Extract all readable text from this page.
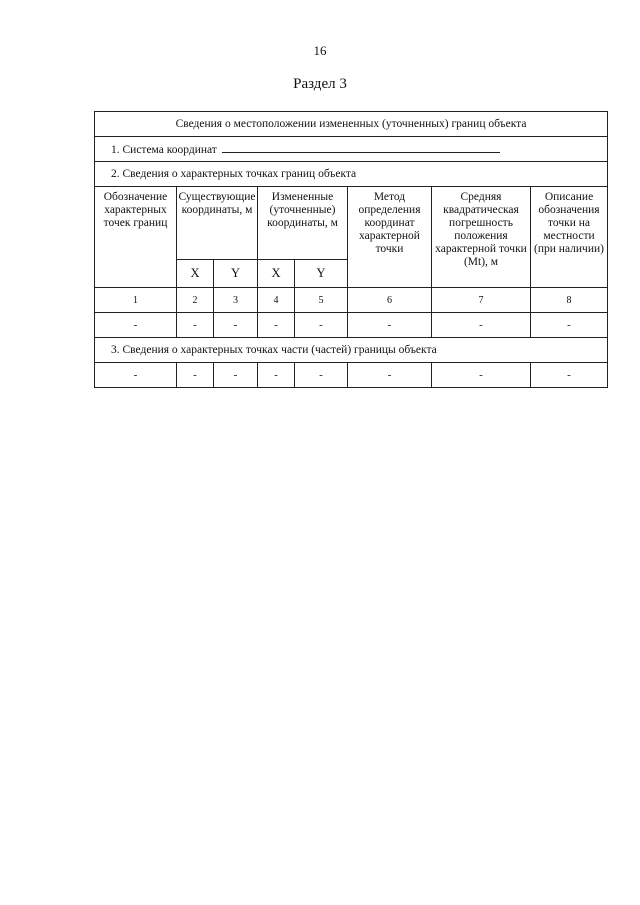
16
Раздел 3
Сведения о местоположении измененных (уточненных) границ объекта							
1. Система координат							
2. Сведения о характерных точках границ объекта							
Обозначение характерных точек границ	Существующие координаты, м		Измененные (уточненные) координаты, м		Метод определения координат характерной точки	Средняя квадратическая погрешность положения характерной точки (Mt), м	Описание обозначения точки на местности (при наличии)
	X	Y	X	Y			
1	2	3	4	5	6	7	8
-	-	-	-	-	-	-	-
3. Сведения о характерных точках части (частей) границы объекта							
-	-	-	-	-	-	-	-
